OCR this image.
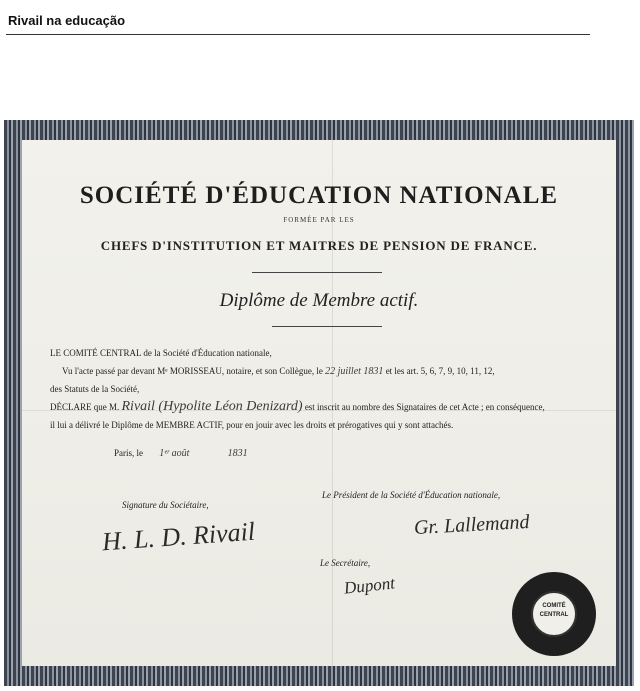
Rivail na educação
SOCIÉTÉ D'ÉDUCATION NATIONALE
FORMÉE PAR LES
CHEFS D'INSTITUTION ET MAITRES DE PENSION DE FRANCE.
Diplôme de Membre actif.
LE COMITÉ CENTRAL de la Société d'Éducation nationale,
Vu l'acte passé par devant Mᵉ MORISSEAU, notaire, et son Collègue, le 22 juillet 1831 et les art. 5, 6, 7, 9, 10, 11, 12,
des Statuts de la Société,
DÉCLARE que M. Rivail (Hypolite Léon Denizard) est inscrit au nombre des Signataires de cet Acte ; en conséquence,
il lui a délivré le Diplôme de MEMBRE ACTIF, pour en jouir avec les droits et prérogatives qui y sont attachés.
Paris, le 1ᵉʳ août	1831
Signature du Sociétaire,
H. L. D. Rivail
Le Président de la Société d'Éducation nationale,
Gr. Lallemand
Le Secrétaire,
Dupont
COMITÉ
CENTRAL
